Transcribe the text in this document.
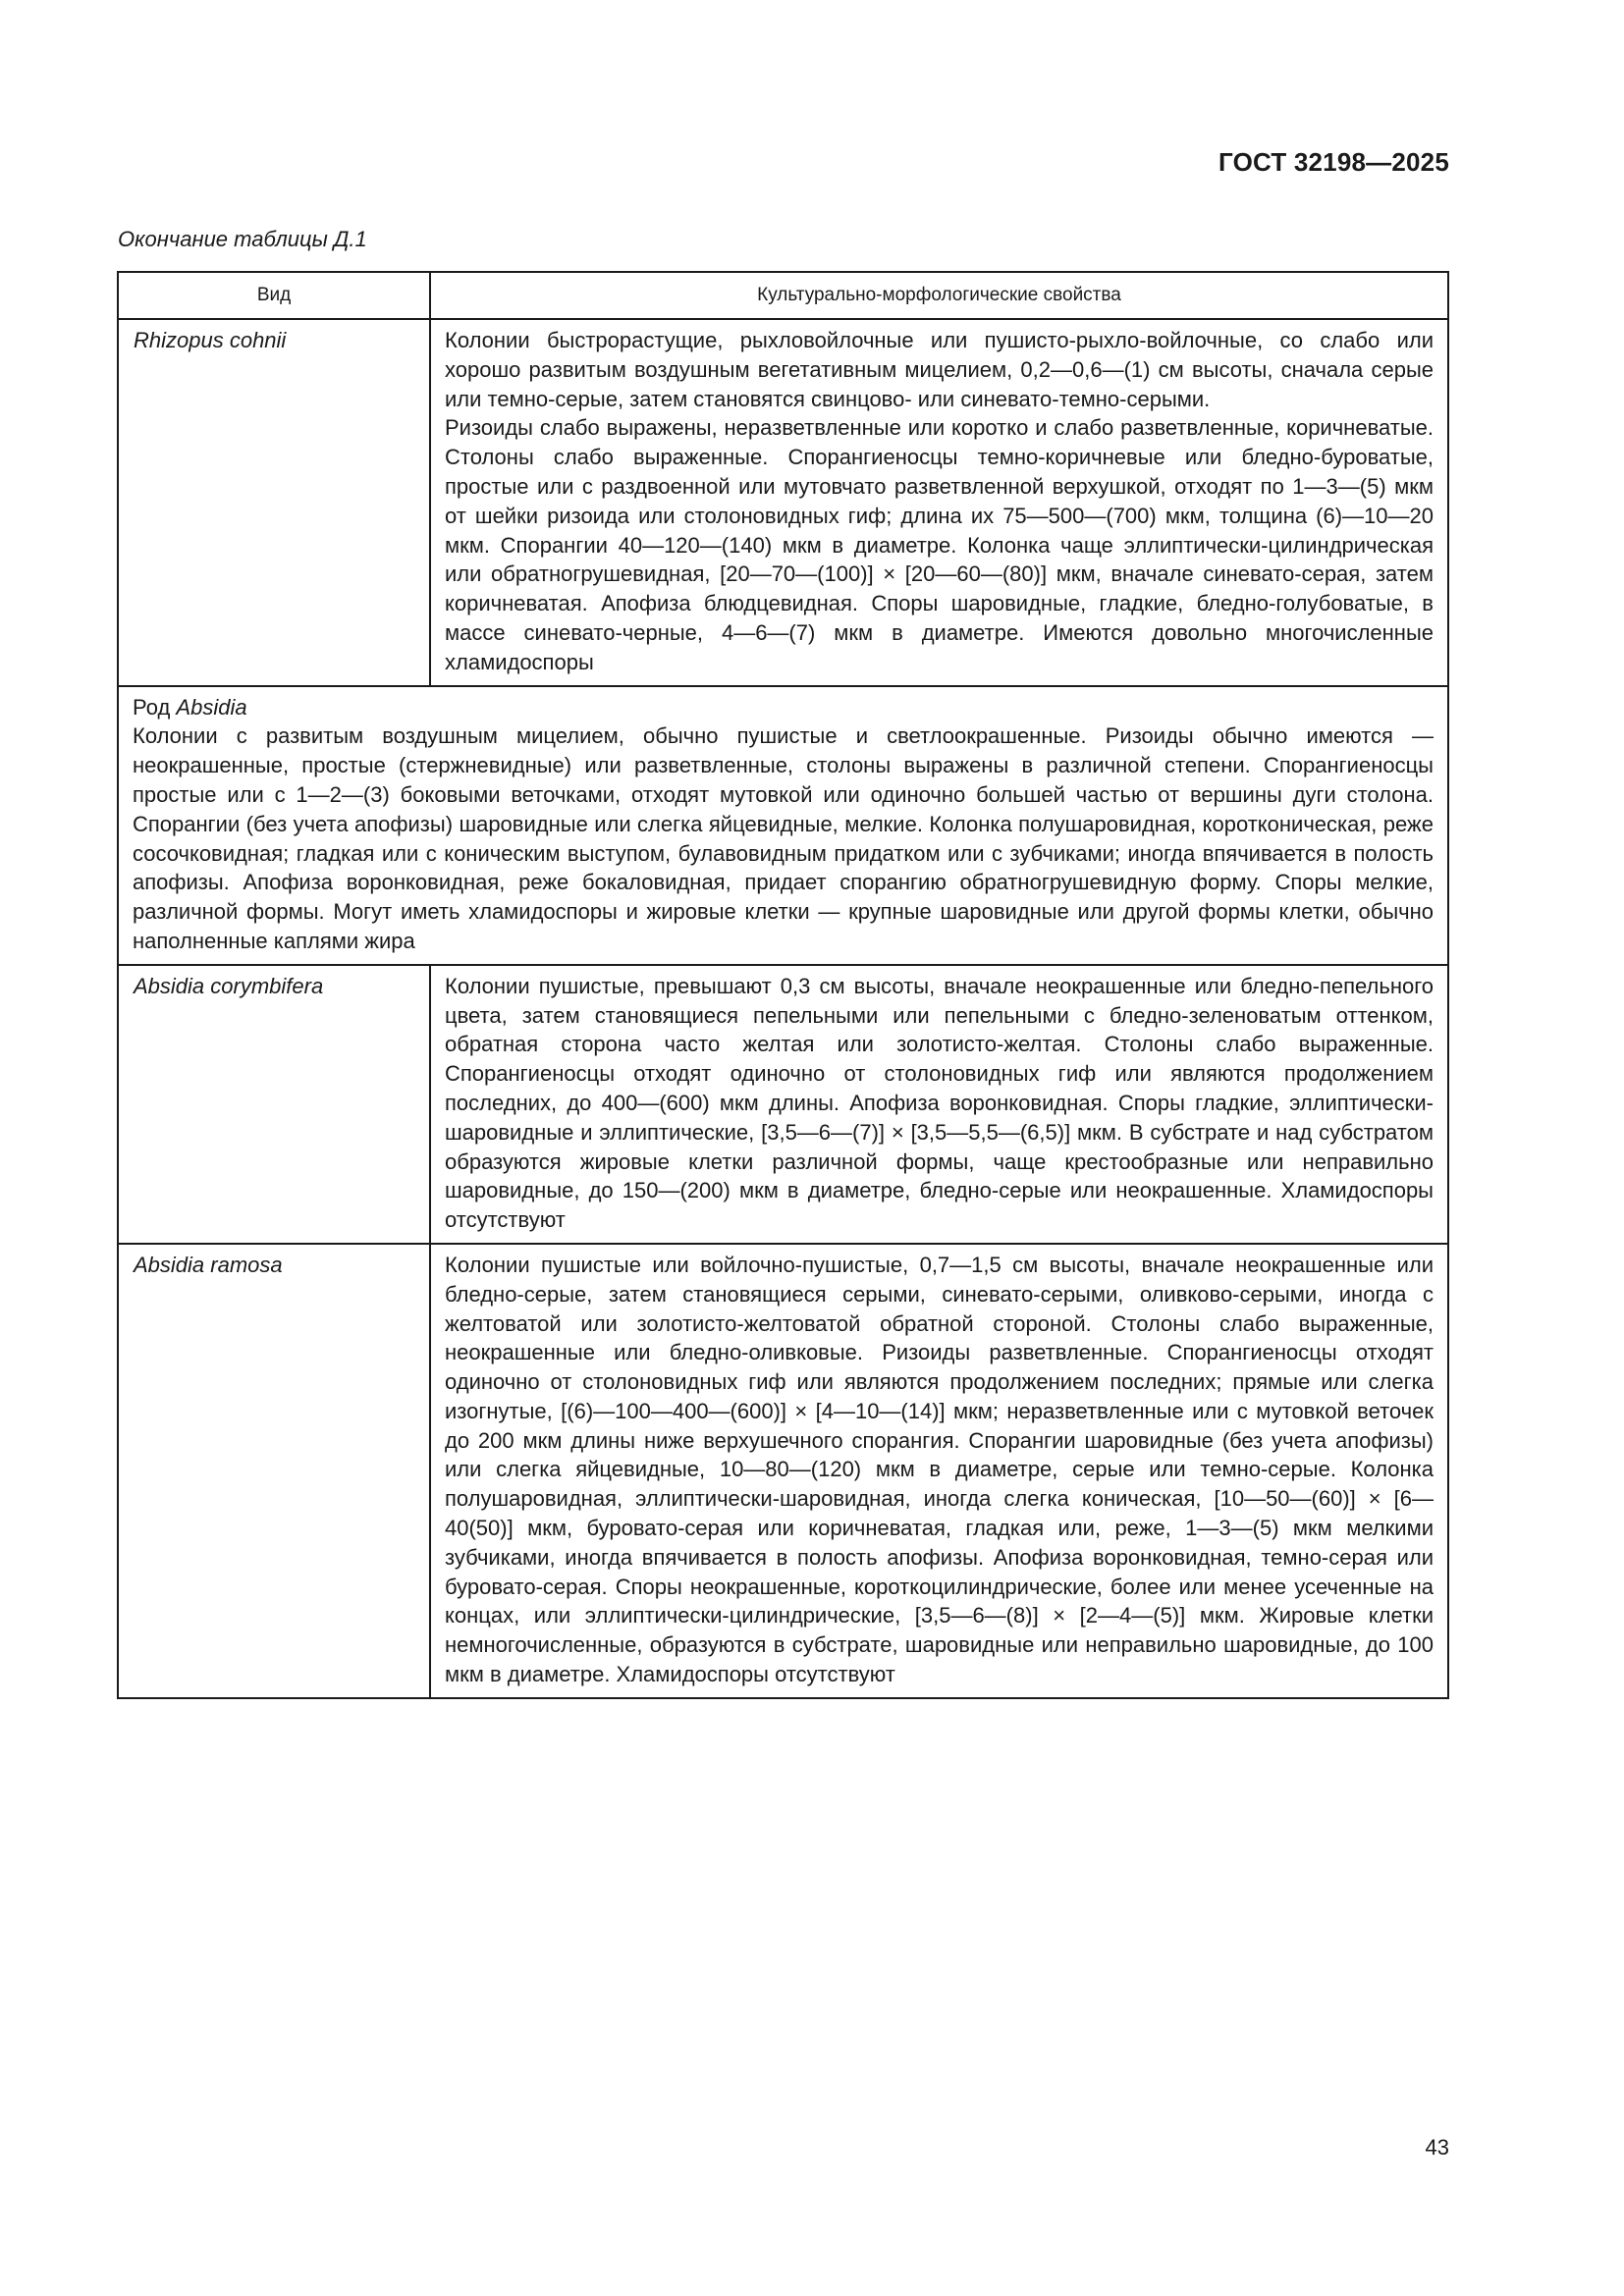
ГОСТ 32198—2025
Окончание таблицы Д.1
Вид	Культурально-морфологические свойства
Rhizopus cohnii	Колонии быстрорастущие, рыхловойлочные или пушисто-рыхло-войлочные, со слабо или хорошо развитым воздушным вегетативным мицелием, 0,2—0,6—(1) см высоты, сначала серые или темно-серые, затем становятся свинцово- или синевато-темно-серыми.

Ризоиды слабо выражены, неразветвленные или коротко и слабо разветвленные, коричневатые. Столоны слабо выраженные. Спорангиеносцы темно-коричневые или бледно-буроватые, простые или с раздвоенной или мутовчато разветвленной верхушкой, отходят по 1—3—(5) мкм от шейки ризоида или столоновидных гиф; длина их 75—500—(700) мкм, толщина (6)—10—20 мкм. Спорангии 40—120—(140) мкм в диаметре. Колонка чаще эллиптически-цилиндрическая или обратногрушевидная, [20—70—(100)] × [20—60—(80)] мкм, вначале синевато-серая, затем коричневатая. Апофиза блюдцевидная. Споры шаровидные, гладкие, бледно-голубоватые, в массе синевато-черные, 4—6—(7) мкм в диаметре. Имеются довольно многочисленные хламидоспоры

Род Absidia
Колонии с развитым воздушным мицелием, обычно пушистые и светлоокрашенные. Ризоиды обычно имеются — неокрашенные, простые (стержневидные) или разветвленные, столоны выражены в различной степени. Спорангиеносцы простые или с 1—2—(3) боковыми веточками, отходят мутовкой или одиночно большей частью от вершины дуги столона. Спорангии (без учета апофизы) шаровидные или слегка яйцевидные, мелкие. Колонка полушаровидная, коротконическая, реже сосочковидная; гладкая или с коническим выступом, булавовидным придатком или с зубчиками; иногда впячивается в полость апофизы. Апофиза воронковидная, реже бокаловидная, придает спорангию обратногрушевидную форму. Споры мелкие, различной формы. Могут иметь хламидоспоры и жировые клетки — крупные шаровидные или другой формы клетки, обычно наполненные каплями жира	

Absidia corymbifera	Колонии пушистые, превышают 0,3 см высоты, вначале неокрашенные или бледно-пепельного цвета, затем становящиеся пепельными или пепельными с бледно-зеленоватым оттенком, обратная сторона часто желтая или золотисто-желтая. Столоны слабо выраженные. Спорангиеносцы отходят одиночно от столоновидных гиф или являются продолжением последних, до 400—(600) мкм длины. Апофиза воронковидная. Споры гладкие, эллиптически-шаровидные и эллиптические, [3,5—6—(7)] × [3,5—5,5—(6,5)] мкм. В субстрате и над субстратом образуются жировые клетки различной формы, чаще крестообразные или неправильно шаровидные, до 150—(200) мкм в диаметре, бледно-серые или неокрашенные. Хламидоспоры отсутствуют

Absidia ramosa	Колонии пушистые или войлочно-пушистые, 0,7—1,5 см высоты, вначале неокрашенные или бледно-серые, затем становящиеся серыми, синевато-серыми, оливково-серыми, иногда с желтоватой или золотисто-желтоватой обратной стороной. Столоны слабо выраженные, неокрашенные или бледно-оливковые. Ризоиды разветвленные. Спорангиеносцы отходят одиночно от столоновидных гиф или являются продолжением последних; прямые или слегка изогнутые, [(6)—100—400—(600)] × [4—10—(14)] мкм; неразветвленные или с мутовкой веточек до 200 мкм длины ниже верхушечного спорангия. Спорангии шаровидные (без учета апофизы) или слегка яйцевидные, 10—80—(120) мкм в диаметре, серые или темно-серые. Колонка полушаровидная, эллиптически-шаровидная, иногда слегка коническая, [10—50—(60)] × [6—40(50)] мкм, буровато-серая или коричневатая, гладкая или, реже, 1—3—(5) мкм мелкими зубчиками, иногда впячивается в полость апофизы. Апофиза воронковидная, темно-серая или буровато-серая. Споры неокрашенные, короткоцилиндрические, более или менее усеченные на концах, или эллиптически-цилиндрические, [3,5—6—(8)] × [2—4—(5)] мкм. Жировые клетки немногочисленные, образуются в субстрате, шаровидные или неправильно шаровидные, до 100 мкм в диаметре. Хламидоспоры отсутствуют

43
